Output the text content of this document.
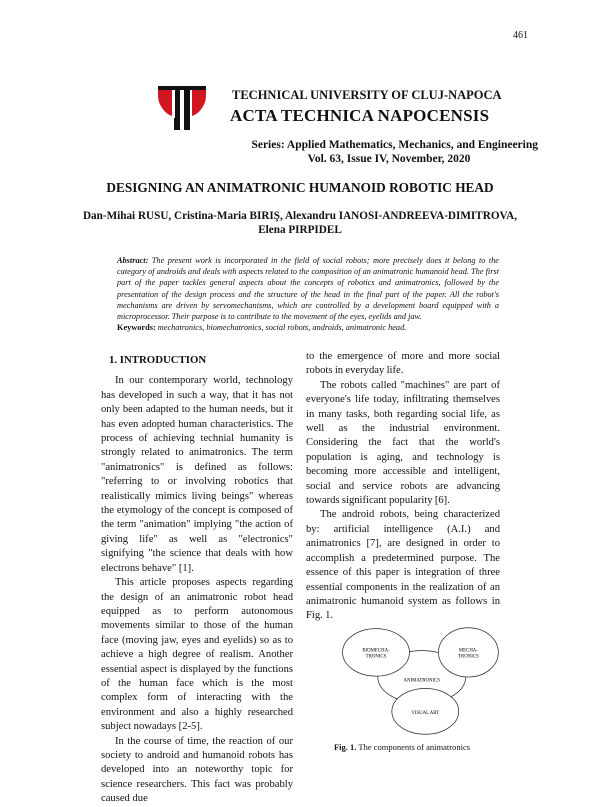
461
TECHNICAL UNIVERSITY OF CLUJ-NAPOCA
ACTA TECHNICA NAPOCENSIS
Series: Applied Mathematics, Mechanics, and Engineering
Vol. 63, Issue IV, November, 2020
DESIGNING AN ANIMATRONIC HUMANOID ROBOTIC HEAD
Dan-Mihai RUSU, Cristina-Maria BIRIŞ, Alexandru IANOSI-ANDREEVA-DIMITROVA,
Elena PIRPIDEL
Abstract: The present work is incorporated in the field of social robots; more precisely does it belong to the category of androids and deals with aspects related to the composition of an animatronic humanoid head. The first part of the paper tackles general aspects about the concepts of robotics and animatronics, followed by the presentation of the design process and the structure of the head in the final part of the paper. All the robot's mechanisms are driven by servomechanisms, which are controlled by a development board equipped with a microprocessor. Their purpose is to contribute to the movement of the eyes, eyelids and jaw.
Keywords: mechatronics, biomechatronics, social robots, androids, animatronic head.
1. INTRODUCTION

In our contemporary world, technology has developed in such a way, that it has not only been adapted to the human needs, but it has even adopted human characteristics. The process of achieving technial humanity is strongly related to animatronics. The term "animatronics" is defined as follows: "referring to or involving robotics that realistically mimics living beings" whereas the etymology of the concept is composed of the term "animation" implying "the action of giving life" as well as "electronics" signifying "the science that deals with how electrons behave" [1].

This article proposes aspects regarding the design of an animatronic robot head equipped as to perform autonomous movements similar to those of the human face (moving jaw, eyes and eyelids) so as to achieve a high degree of realism. Another essential aspect is displayed by the functions of the human face which is the most complex form of interacting with the environment and also a highly researched subject nowadays [2-5].

In the course of time, the reaction of our society to android and humanoid robots has developed into an noteworthy topic for science researchers. This fact was probably caused due

to the emergence of more and more social robots in everyday life.

The robots called "machines" are part of everyone's life today, infiltrating themselves in many tasks, both regarding social life, as well as the industrial environment. Considering the fact that the world's population is aging, and technology is becoming more accessible and intelligent, social and service robots are advancing towards significant popularity [6].

The android robots, being characterized by: artificial intelligence (A.I.) and animatronics [7], are designed in order to accomplish a predetermined purpose. The essence of this paper is integration of three essential components in the realization of an animatronic humanoid system as follows in Fig. 1.

BIOMECHA-
TRONICS
MECHA-
TRONICS
ANIMATRONICS
VISUAL ART
Fig. 1. The components of animatronics
